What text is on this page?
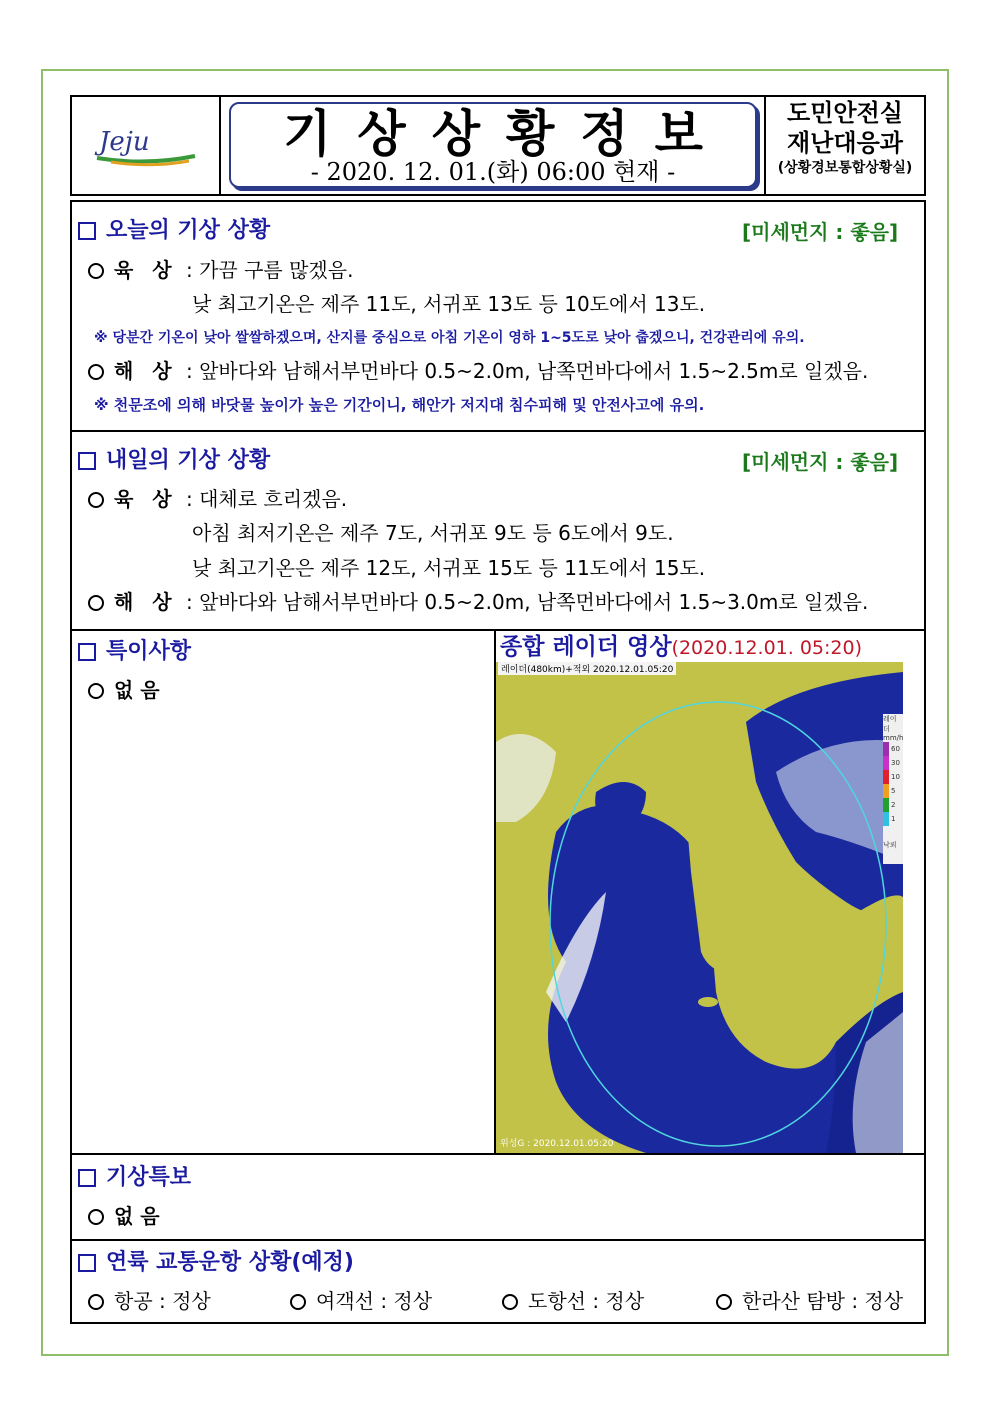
Jeju	기상상황정보
- 2020. 12. 01.(화) 06:00 현재 -
도민안전실
재난대응과
(상황경보통합상황실)
오늘의 기상 상황	[미세먼지 : 좋음]
육 상 : 가끔 구름 많겠음.
낮 최고기온은 제주 11도, 서귀포 13도 등 10도에서 13도.
※ 당분간 기온이 낮아 쌀쌀하겠으며, 산지를 중심으로 아침 기온이 영하 1~5도로 낮아 춥겠으니, 건강관리에 유의.
해 상 : 앞바다와 남해서부먼바다 0.5~2.0m, 남쪽먼바다에서 1.5~2.5m로 일겠음.
※ 천문조에 의해 바닷물 높이가 높은 기간이니, 해안가 저지대 침수피해 및 안전사고에 유의.
내일의 기상 상황	[미세먼지 : 좋음]
육 상 : 대체로 흐리겠음.
아침 최저기온은 제주 7도, 서귀포 9도 등 6도에서 9도.
낮 최고기온은 제주 12도, 서귀포 15도 등 11도에서 15도.
해 상 : 앞바다와 남해서부먼바다 0.5~2.0m, 남쪽먼바다에서 1.5~3.0m로 일겠음.
특이사항
없 음
종합 레이더 영상(2020.12.01. 05:20)
레이더(480km)+적외 2020.12.01.05:20
위성G : 2020.12.01.05:20
레이더
mm/h
60
30
10
5
2
1
낙뢰
기상특보
없 음
연륙 교통운항 상황(예정)
항공 : 정상	여객선 : 정상	도항선 : 정상	한라산 탐방 : 정상
